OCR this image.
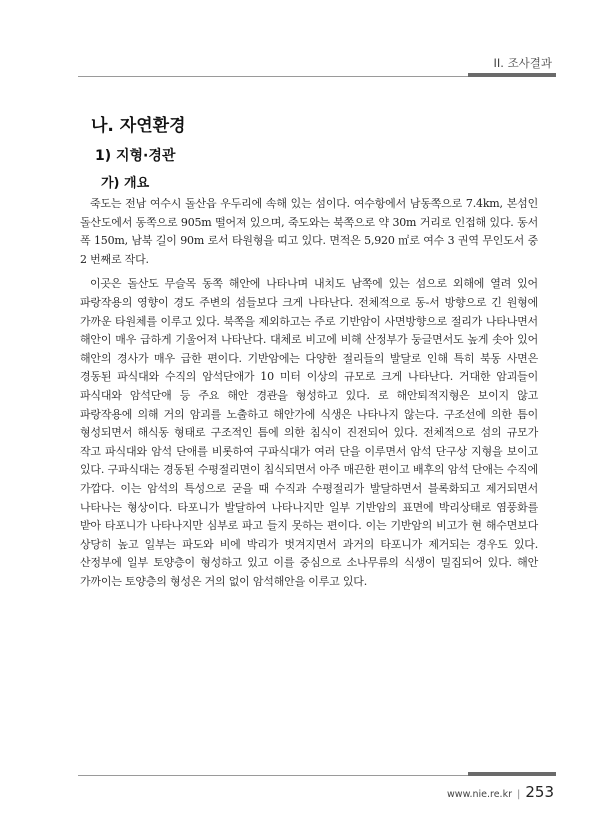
II. 조사결과
나. 자연환경
1) 지형·경관
가) 개요

죽도는 전남 여수시 돌산읍 우두리에 속해 있는 섬이다. 여수항에서 남동쪽으로 7.4km, 본섬인 돌산도에서 동쪽으로 905m 떨어져 있으며, 죽도와는 북쪽으로 약 30m 거리로 인접해 있다. 동서 폭 150m, 남북 길이 90m 로서 타원형을 띠고 있다. 면적은 5,920 ㎡로 여수 3 권역 무인도서 중 2 번째로 작다.

이곳은 돌산도 무슬목 동쪽 해안에 나타나며 내치도 남쪽에 있는 섬으로 외해에 열려 있어 파랑작용의 영향이 경도 주변의 섬들보다 크게 나타난다. 전체적으로 동-서 방향으로 긴 원형에 가까운 타원체를 이루고 있다. 북쪽을 제외하고는 주로 기반암이 사면방향으로 절리가 나타나면서 해안이 매우 급하게 기울어져 나타난다. 대체로 비고에 비해 산정부가 둥글면서도 높게 솟아 있어 해안의 경사가 매우 급한 편이다. 기반암에는 다양한 절리들의 발달로 인해 특히 북동 사면은 경동된 파식대와 수직의 암석단애가 10 미터 이상의 규모로 크게 나타난다. 거대한 암괴들이 파식대와 암석단애 등 주요 해안 경관을 형성하고 있다. 로 해안퇴적지형은 보이지 않고 파랑작용에 의해 거의 암괴를 노출하고 해안가에 식생은 나타나지 않는다. 구조선에 의한 틈이 형성되면서 해식동 형태로 구조적인 틈에 의한 침식이 진전되어 있다. 전체적으로 섬의 규모가 작고 파식대와 암석 단애를 비롯하여 구파식대가 여러 단을 이루면서 암석 단구상 지형을 보이고 있다. 구파식대는 경동된 수평절리면이 침식되면서 아주 매끈한 편이고 배후의 암석 단애는 수직에 가깝다. 이는 암석의 특성으로 굳을 때 수직과 수평절리가 발달하면서 블록화되고 제거되면서 나타나는 형상이다. 타포니가 발달하여 나타나지만 일부 기반암의 표면에 박리상태로 염풍화를 받아 타포니가 나타나지만 심부로 파고 들지 못하는 편이다. 이는 기반암의 비고가 현 해수면보다 상당히 높고 일부는 파도와 비에 박리가 벗겨지면서 과거의 타포니가 제거되는 경우도 있다. 산정부에 일부 토양층이 형성하고 있고 이를 중심으로 소나무류의 식생이 밀집되어 있다. 해안 가까이는 토양층의 형성은 거의 없이 암석해안을 이루고 있다.

www.nie.re.kr | 253
